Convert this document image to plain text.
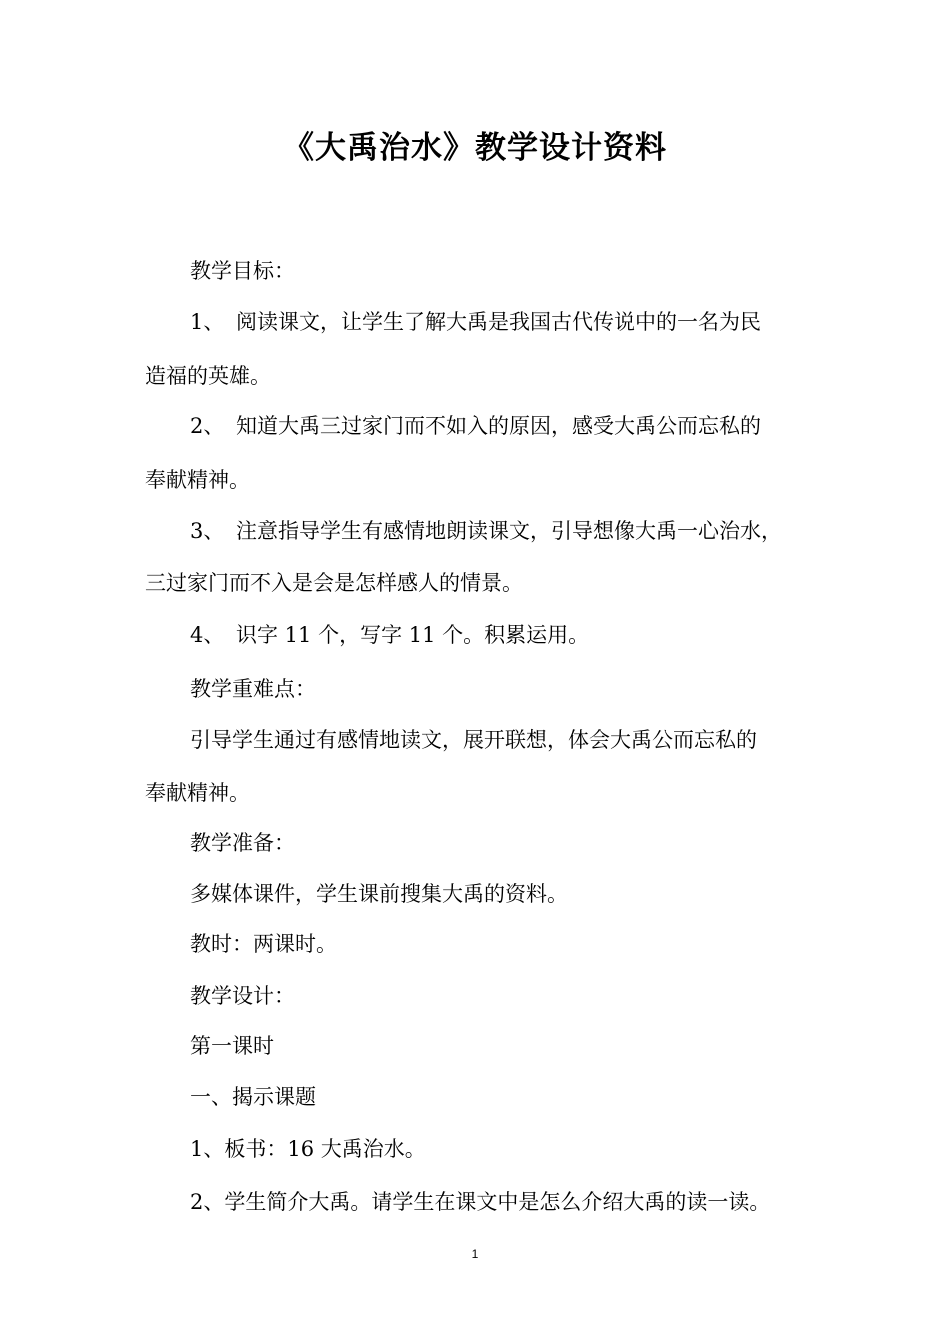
《大禹治水》教学设计资料
教学目标：
1、 阅读课文，让学生了解大禹是我国古代传说中的一名为民
造福的英雄。
2、 知道大禹三过家门而不如入的原因，感受大禹公而忘私的
奉献精神。
3、 注意指导学生有感情地朗读课文，引导想像大禹一心治水，
三过家门而不入是会是怎样感人的情景。
4、 识字 11 个，写字 11 个。积累运用。
教学重难点：
引导学生通过有感情地读文，展开联想，体会大禹公而忘私的
奉献精神。
教学准备：
多媒体课件，学生课前搜集大禹的资料。
教时：两课时。
教学设计：
第一课时
一、揭示课题
1、板书：16 大禹治水。
2、学生简介大禹。请学生在课文中是怎么介绍大禹的读一读。
1
